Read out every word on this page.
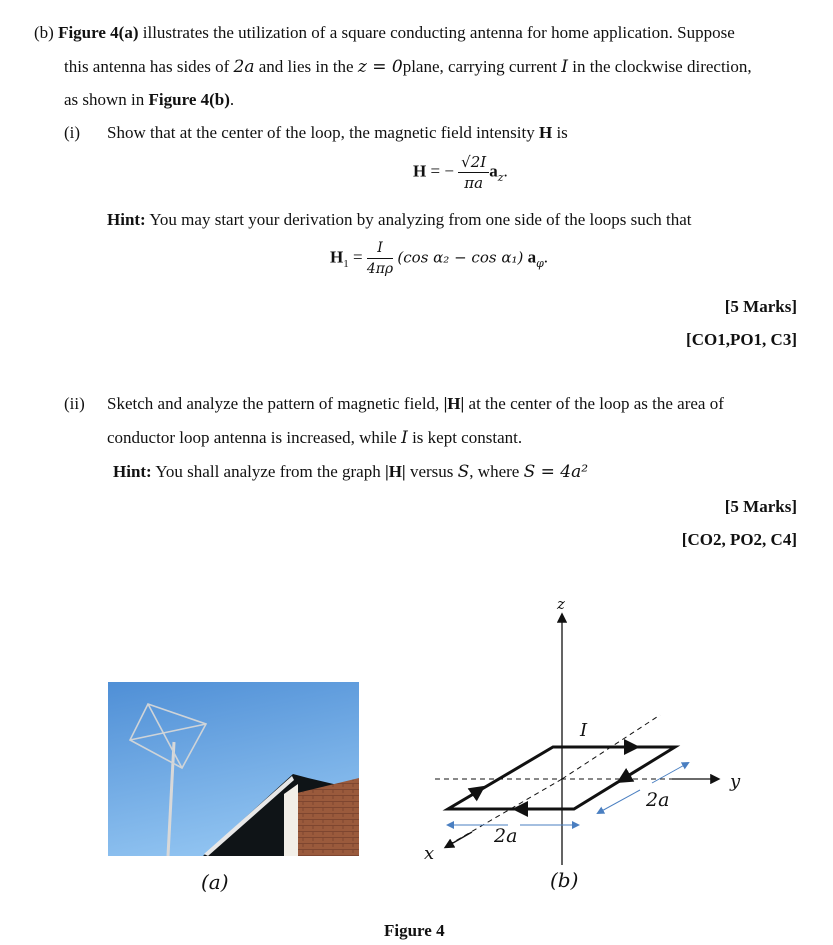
(b) Figure 4(a) illustrates the utilization of a square conducting antenna for home application. Suppose
this antenna has sides of 2a and lies in the z = 0plane, carrying current I in the clockwise direction,
as shown in Figure 4(b).
(i) Show that at the center of the loop, the magnetic field intensity H is
H = − $\frac{√2I}{\pi a} a_z$.
Hint: You may start your derivation by analyzing from one side of the loops such that
$H_1 = \frac{I}{4\pi\rho} (\cos$ α₂ − cos α₁) $a_\varphi$.
[5 Marks]
[CO1,PO1, C3]
(ii) Sketch and analyze the pattern of magnetic field, |H| at the center of the loop as the area of
conductor loop antenna is increased, while I is kept constant.
Hint: You shall analyze from the graph |H| versus S, where S = 4a²
[5 Marks]
[CO2, PO2, C4]
(a)
z
y
x
I
2a
2a
(b)
Figure 4
